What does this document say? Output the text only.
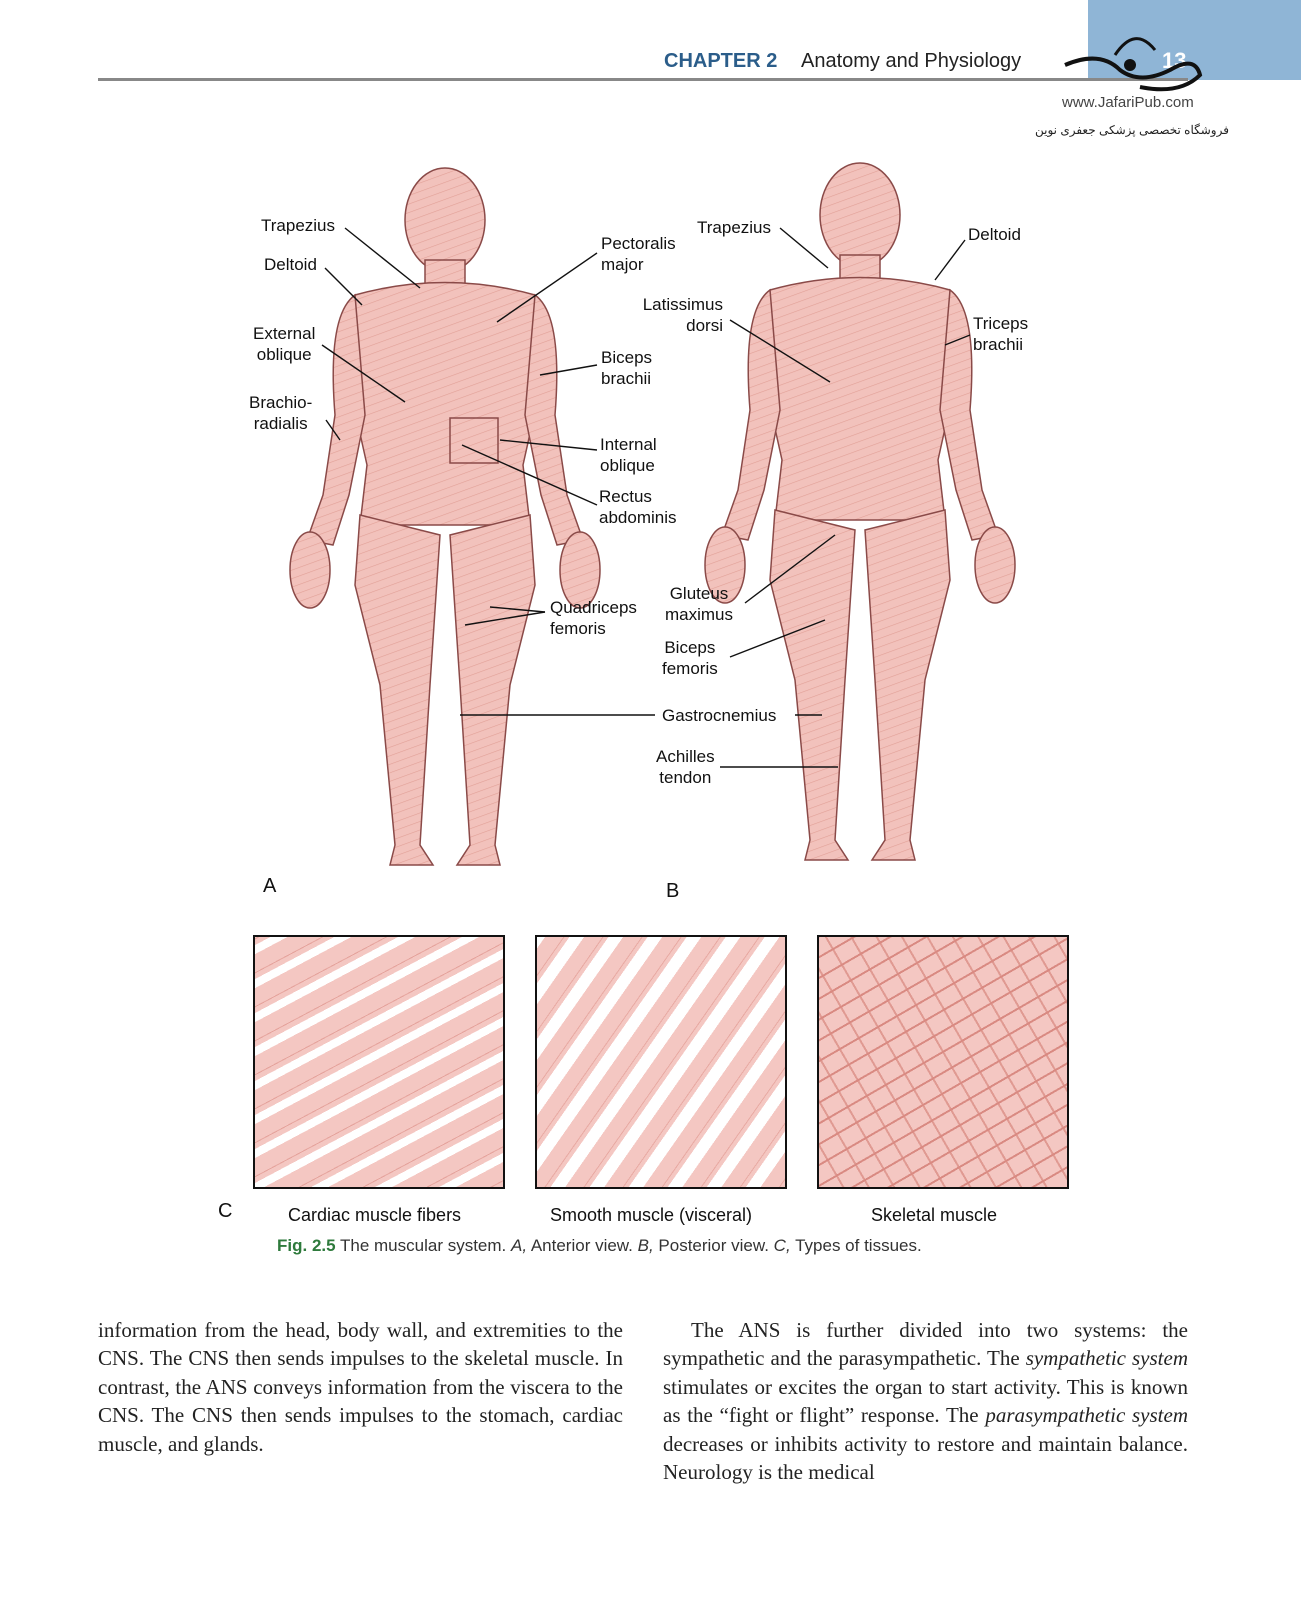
CHAPTER 2 Anatomy and Physiology	13
www.JafariPub.com
فروشگاه تخصصی پزشکی جعفری نوین
Trapezius
Deltoid
External
oblique
Brachio-
radialis
Pectoralis
major
Biceps
brachii
Internal
oblique
Rectus
abdominis
Quadriceps
femoris
Gastrocnemius
Trapezius	Deltoid
Latissimus
dorsi	Triceps
brachii
Gluteus
maximus
Biceps
femoris
Achilles
tendon
A	B
C	Cardiac muscle fibers	Smooth muscle (visceral)	Skeletal muscle
Fig. 2.5 The muscular system. A, Anterior view. B, Posterior view. C, Types of tissues.
information from the head, body wall, and extremities to the CNS. The CNS then sends impulses to the skeletal muscle. In contrast, the ANS conveys information from the viscera to the CNS. The CNS then sends impulses to the stomach, cardiac muscle, and glands.
The ANS is further divided into two systems: the sympathetic and the parasympathetic. The sympathetic system stimulates or excites the organ to start activity. This is known as the “fight or flight” response. The parasympathetic system decreases or inhibits activity to restore and maintain balance. Neurology is the medical
